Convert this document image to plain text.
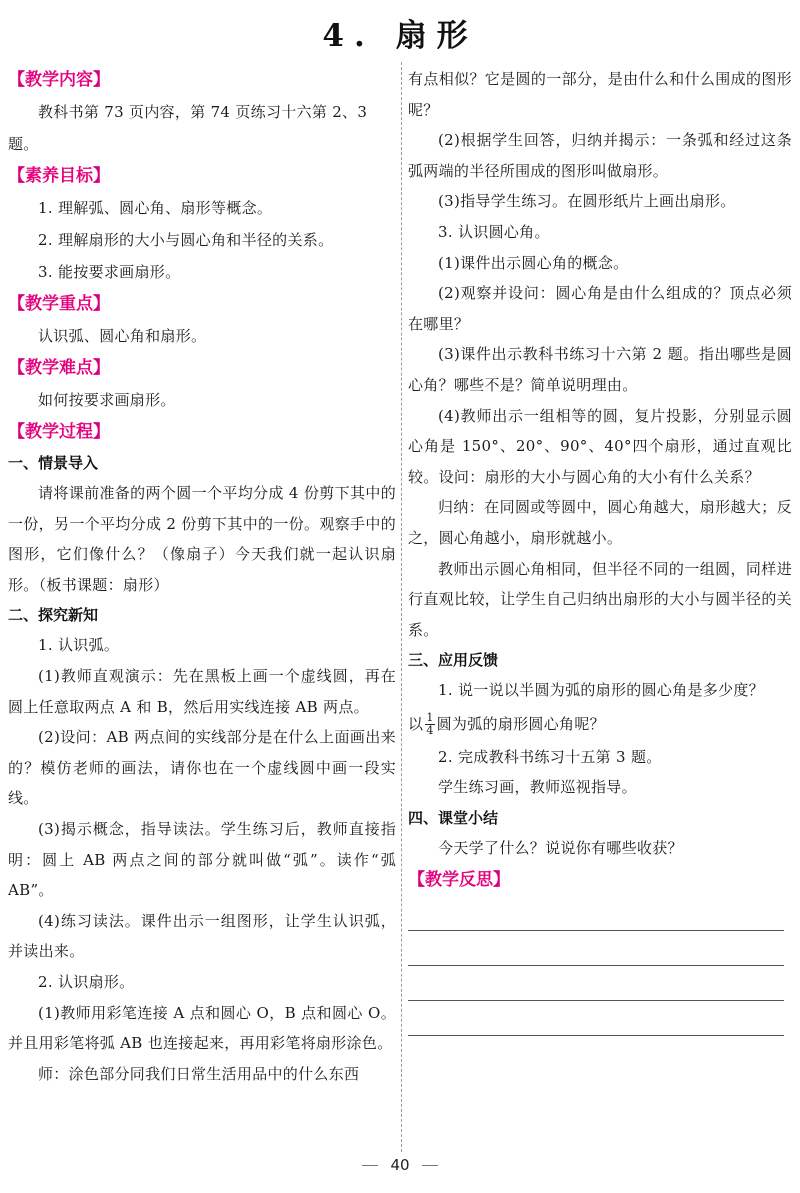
4. 扇形
【教学内容】
教科书第 73 页内容，第 74 页练习十六第 2、3 题。
【素养目标】
1. 理解弧、圆心角、扇形等概念。
2. 理解扇形的大小与圆心角和半径的关系。
3. 能按要求画扇形。
【教学重点】
认识弧、圆心角和扇形。
【教学难点】
如何按要求画扇形。
【教学过程】
一、情景导入
请将课前准备的两个圆一个平均分成 4 份剪下其中的一份，另一个平均分成 2 份剪下其中的一份。观察手中的图形，它们像什么？（像扇子）今天我们就一起认识扇形。（板书课题：扇形）
二、探究新知
1. 认识弧。
(1)教师直观演示：先在黑板上画一个虚线圆，再在圆上任意取两点 A 和 B，然后用实线连接 AB 两点。
(2)设问：AB 两点间的实线部分是在什么上面画出来的？模仿老师的画法，请你也在一个虚线圆中画一段实线。
(3)揭示概念，指导读法。学生练习后，教师直接指明：圆上 AB 两点之间的部分就叫做“弧”。读作“弧 AB”。
(4)练习读法。课件出示一组图形，让学生认识弧，并读出来。
2. 认识扇形。
(1)教师用彩笔连接 A 点和圆心 O，B 点和圆心 O。并且用彩笔将弧 AB 也连接起来，再用彩笔将扇形涂色。
师：涂色部分同我们日常生活用品中的什么东西
有点相似？它是圆的一部分，是由什么和什么围成的图形呢？
(2)根据学生回答，归纳并揭示：一条弧和经过这条弧两端的半径所围成的图形叫做扇形。
(3)指导学生练习。在圆形纸片上画出扇形。
3. 认识圆心角。
(1)课件出示圆心角的概念。
(2)观察并设问：圆心角是由什么组成的？顶点必须在哪里？
(3)课件出示教科书练习十六第 2 题。指出哪些是圆心角？哪些不是？简单说明理由。
(4)教师出示一组相等的圆，复片投影，分别显示圆心角是 150°、20°、90°、40°四个扇形，通过直观比较。设问：扇形的大小与圆心角的大小有什么关系？
归纳：在同圆或等圆中，圆心角越大，扇形越大；反之，圆心角越小，扇形就越小。
教师出示圆心角相同，但半径不同的一组圆，同样进行直观比较，让学生自己归纳出扇形的大小与圆半径的关系。
三、应用反馈
1. 说一说以半圆为弧的扇形的圆心角是多少度？
以 $\frac{1}{4}$ 圆为弧的扇形圆心角呢？
2. 完成教科书练习十五第 3 题。
学生练习画，教师巡视指导。
四、课堂小结
今天学了什么？说说你有哪些收获？
【教学反思】
40
